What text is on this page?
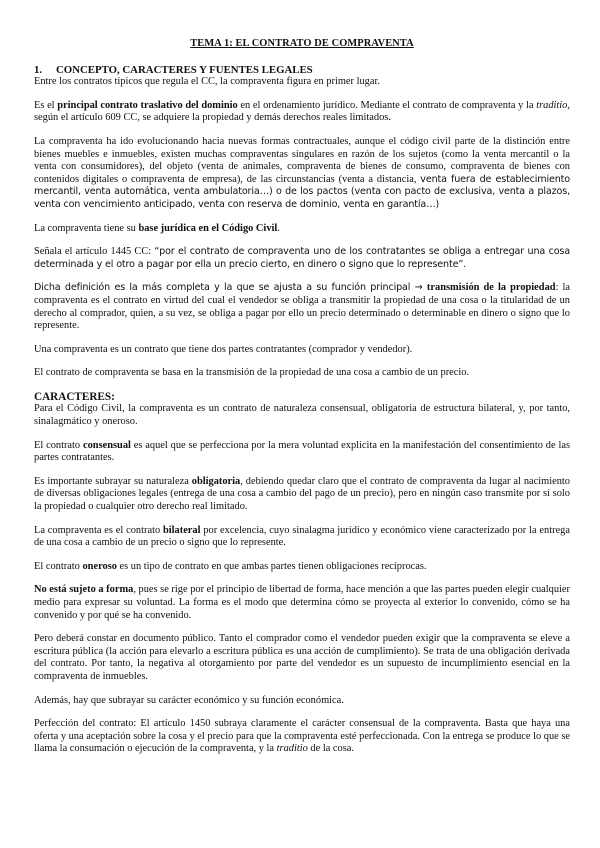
TEMA 1: EL CONTRATO DE COMPRAVENTA
1. CONCEPTO, CARACTERES Y FUENTES LEGALES

Entre los contratos típicos que regula el CC, la compraventa figura en primer lugar.

Es el principal contrato traslativo del dominio en el ordenamiento jurídico. Mediante el contrato de compraventa y la traditio, según el artículo 609 CC, se adquiere la propiedad y demás derechos reales limitados.

La compraventa ha ido evolucionando hacia nuevas formas contractuales, aunque el código civil parte de la distinción entre bienes muebles e inmuebles, existen muchas compraventas singulares en razón de los sujetos (como la venta mercantil o la venta con consumidores), del objeto (venta de animales, compraventa de bienes de consumo, compraventa de bienes con contenidos digitales o compraventa de empresa), de las circunstancias (venta a distancia, venta fuera de establecimiento mercantil, venta automática, venta ambulatoria…) o de los pactos (venta con pacto de exclusiva, venta a plazos, venta con vencimiento anticipado, venta con reserva de dominio, venta en garantía…)

La compraventa tiene su base jurídica en el Código Civil.

Señala el artículo 1445 CC: “por el contrato de compraventa uno de los contratantes se obliga a entregar una cosa determinada y el otro a pagar por ella un precio cierto, en dinero o signo que lo represente”.

Dicha definición es la más completa y la que se ajusta a su función principal → transmisión de la propiedad: la compraventa es el contrato en virtud del cual el vendedor se obliga a transmitir la propiedad de una cosa o la titularidad de un derecho al comprador, quien, a su vez, se obliga a pagar por ello un precio determinado o determinable en dinero o signo que lo represente.

Una compraventa es un contrato que tiene dos partes contratantes (comprador y vendedor).

El contrato de compraventa se basa en la transmisión de la propiedad de una cosa a cambio de un precio.

CARACTERES:

Para el Código Civil, la compraventa es un contrato de naturaleza consensual, obligatoria de estructura bilateral, y, por tanto, sinalagmático y oneroso.

El contrato consensual es aquel que se perfecciona por la mera voluntad explícita en la manifestación del consentimiento de las partes contratantes.

Es importante subrayar su naturaleza obligatoria, debiendo quedar claro que el contrato de compraventa da lugar al nacimiento de diversas obligaciones legales (entrega de una cosa a cambio del pago de un precio), pero en ningún caso transmite por sí solo la propiedad o cualquier otro derecho real limitado.

La compraventa es el contrato bilateral por excelencia, cuyo sinalagma jurídico y económico viene caracterizado por la entrega de una cosa a cambio de un precio o signo que lo represente.

El contrato oneroso es un tipo de contrato en que ambas partes tienen obligaciones recíprocas.

No está sujeto a forma, pues se rige por el principio de libertad de forma, hace mención a que las partes pueden elegir cualquier medio para expresar su voluntad. La forma es el modo que determina cómo se proyecta al exterior lo convenido, cómo se ha convenido y por qué se ha convenido.

Pero deberá constar en documento público. Tanto el comprador como el vendedor pueden exigir que la compraventa se eleve a escritura pública (la acción para elevarlo a escritura pública es una acción de cumplimiento). Se trata de una obligación derivada del contrato. Por tanto, la negativa al otorgamiento por parte del vendedor es un supuesto de incumplimiento esencial en la compraventa de inmuebles.

Además, hay que subrayar su carácter económico y su función económica.

Perfección del contrato: El artículo 1450 subraya claramente el carácter consensual de la compraventa. Basta que haya una oferta y una aceptación sobre la cosa y el precio para que la compraventa esté perfeccionada. Con la entrega se produce lo que se llama la consumación o ejecución de la compraventa, y la traditio de la cosa.
